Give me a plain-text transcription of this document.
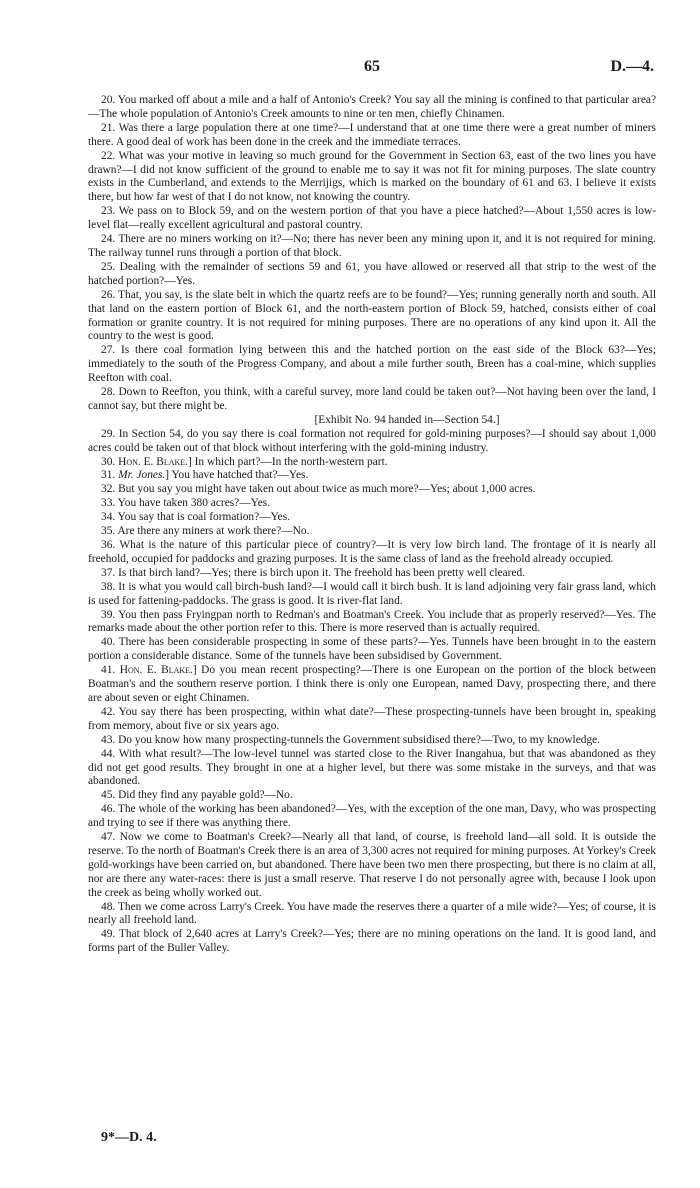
65	D.—4.

20. You marked off about a mile and a half of Antonio's Creek? You say all the mining is confined to that particular area?—The whole population of Antonio's Creek amounts to nine or ten men, chiefly Chinamen.

21. Was there a large population there at one time?—I understand that at one time there were a great number of miners there. A good deal of work has been done in the creek and the immediate terraces.

22. What was your motive in leaving so much ground for the Government in Section 63, east of the two lines you have drawn?—I did not know sufficient of the ground to enable me to say it was not fit for mining purposes. The slate country exists in the Cumberland, and extends to the Merrijigs, which is marked on the boundary of 61 and 63. I believe it exists there, but how far west of that I do not know, not knowing the country.

23. We pass on to Block 59, and on the western portion of that you have a piece hatched?—About 1,550 acres is low-level flat—really excellent agricultural and pastoral country.

24. There are no miners working on it?—No; there has never been any mining upon it, and it is not required for mining. The railway tunnel runs through a portion of that block.

25. Dealing with the remainder of sections 59 and 61, you have allowed or reserved all that strip to the west of the hatched portion?—Yes.

26. That, you say, is the slate belt in which the quartz reefs are to be found?—Yes; running generally north and south. All that land on the eastern portion of Block 61, and the north-eastern portion of Block 59, hatched, consists either of coal formation or granite country. It is not required for mining purposes. There are no operations of any kind upon it. All the country to the west is good.

27. Is there coal formation lying between this and the hatched portion on the east side of the Block 63?—Yes; immediately to the south of the Progress Company, and about a mile further south, Breen has a coal-mine, which supplies Reefton with coal.

28. Down to Reefton, you think, with a careful survey, more land could be taken out?—Not having been over the land, I cannot say, but there might be.

[Exhibit No. 94 handed in—Section 54.]

29. In Section 54, do you say there is coal formation not required for gold-mining purposes?—I should say about 1,000 acres could be taken out of that block without interfering with the gold-mining industry.

30. Hon. E. Blake.] In which part?—In the north-western part.

31. Mr. Jones.] You have hatched that?—Yes.

32. But you say you might have taken out about twice as much more?—Yes; about 1,000 acres.

33. You have taken 380 acres?—Yes.

34. You say that is coal formation?—Yes.

35. Are there any miners at work there?—No.

36. What is the nature of this particular piece of country?—It is very low birch land. The frontage of it is nearly all freehold, occupied for paddocks and grazing purposes. It is the same class of land as the freehold already occupied.

37. Is that birch land?—Yes; there is birch upon it. The freehold has been pretty well cleared.

38. It is what you would call birch-bush land?—I would call it birch bush. It is land adjoining very fair grass land, which is used for fattening-paddocks. The grass is good. It is river-flat land.

39. You then pass Fryingpan north to Redman's and Boatman's Creek. You include that as properly reserved?—Yes. The remarks made about the other portion refer to this. There is more reserved than is actually required.

40. There has been considerable prospecting in some of these parts?—Yes. Tunnels have been brought in to the eastern portion a considerable distance. Some of the tunnels have been subsidised by Government.

41. Hon. E. Blake.] Do you mean recent prospecting?—There is one European on the portion of the block between Boatman's and the southern reserve portion. I think there is only one European, named Davy, prospecting there, and there are about seven or eight Chinamen.

42. You say there has been prospecting, within what date?—These prospecting-tunnels have been brought in, speaking from memory, about five or six years ago.

43. Do you know how many prospecting-tunnels the Government subsidised there?—Two, to my knowledge.

44. With what result?—The low-level tunnel was started close to the River Inangahua, but that was abandoned as they did not get good results. They brought in one at a higher level, but there was some mistake in the surveys, and that was abandoned.

45. Did they find any payable gold?—No.

46. The whole of the working has been abandoned?—Yes, with the exception of the one man, Davy, who was prospecting and trying to see if there was anything there.

47. Now we come to Boatman's Creek?—Nearly all that land, of course, is freehold land—all sold. It is outside the reserve. To the north of Boatman's Creek there is an area of 3,300 acres not required for mining purposes. At Yorkey's Creek gold-workings have been carried on, but abandoned. There have been two men there prospecting, but there is no claim at all, nor are there any water-races: there is just a small reserve. That reserve I do not personally agree with, because I look upon the creek as being wholly worked out.

48. Then we come across Larry's Creek. You have made the reserves there a quarter of a mile wide?—Yes; of course, it is nearly all freehold land.

49. That block of 2,640 acres at Larry's Creek?—Yes; there are no mining operations on the land. It is good land, and forms part of the Buller Valley.

9*—D. 4.
